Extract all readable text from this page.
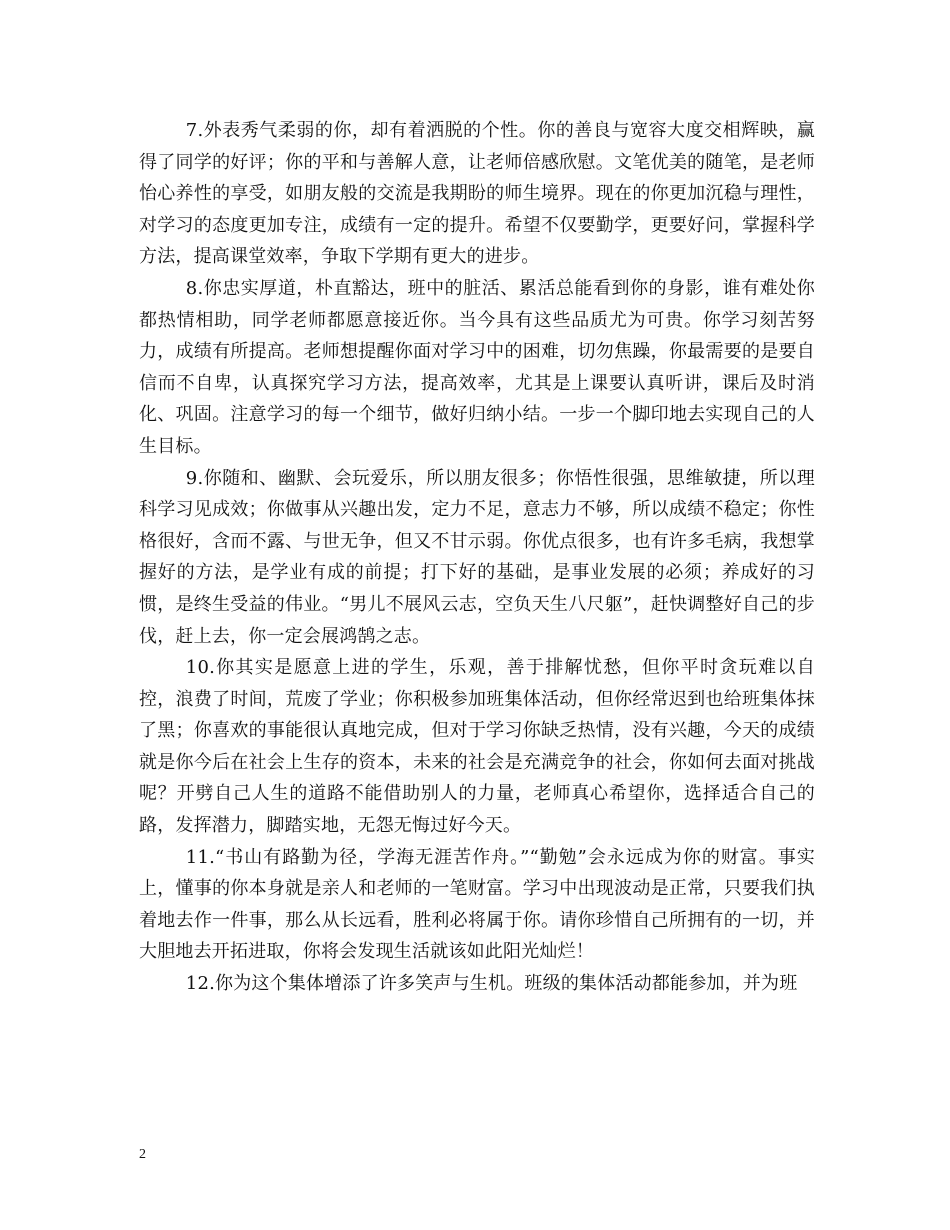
7.外表秀气柔弱的你，却有着洒脱的个性。你的善良与宽容大度交相辉映，赢得了同学的好评；你的平和与善解人意，让老师倍感欣慰。文笔优美的随笔，是老师怡心养性的享受，如朋友般的交流是我期盼的师生境界。现在的你更加沉稳与理性，对学习的态度更加专注，成绩有一定的提升。希望不仅要勤学，更要好问，掌握科学方法，提高课堂效率，争取下学期有更大的进步。

8.你忠实厚道，朴直豁达，班中的脏活、累活总能看到你的身影，谁有难处你都热情相助，同学老师都愿意接近你。当今具有这些品质尤为可贵。你学习刻苦努力，成绩有所提高。老师想提醒你面对学习中的困难，切勿焦躁，你最需要的是要自信而不自卑，认真探究学习方法，提高效率，尤其是上课要认真听讲，课后及时消化、巩固。注意学习的每一个细节，做好归纳小结。一步一个脚印地去实现自己的人生目标。

9.你随和、幽默、会玩爱乐，所以朋友很多；你悟性很强，思维敏捷，所以理科学习见成效；你做事从兴趣出发，定力不足，意志力不够，所以成绩不稳定；你性格很好，含而不露、与世无争，但又不甘示弱。你优点很多，也有许多毛病，我想掌握好的方法，是学业有成的前提；打下好的基础，是事业发展的必须；养成好的习惯，是终生受益的伟业。“男儿不展风云志，空负天生八尺躯”，赶快调整好自己的步伐，赶上去，你一定会展鸿鹄之志。

10.你其实是愿意上进的学生，乐观，善于排解忧愁，但你平时贪玩难以自控，浪费了时间，荒废了学业；你积极参加班集体活动，但你经常迟到也给班集体抹了黑；你喜欢的事能很认真地完成，但对于学习你缺乏热情，没有兴趣，今天的成绩就是你今后在社会上生存的资本，未来的社会是充满竞争的社会，你如何去面对挑战呢？开劈自己人生的道路不能借助别人的力量，老师真心希望你，选择适合自己的路，发挥潜力，脚踏实地，无怨无悔过好今天。

11.“书山有路勤为径，学海无涯苦作舟。”“勤勉”会永远成为你的财富。事实上，懂事的你本身就是亲人和老师的一笔财富。学习中出现波动是正常，只要我们执着地去作一件事，那么从长远看，胜利必将属于你。请你珍惜自己所拥有的一切，并大胆地去开拓进取，你将会发现生活就该如此阳光灿烂！

12.你为这个集体增添了许多笑声与生机。班级的集体活动都能参加，并为班

2
